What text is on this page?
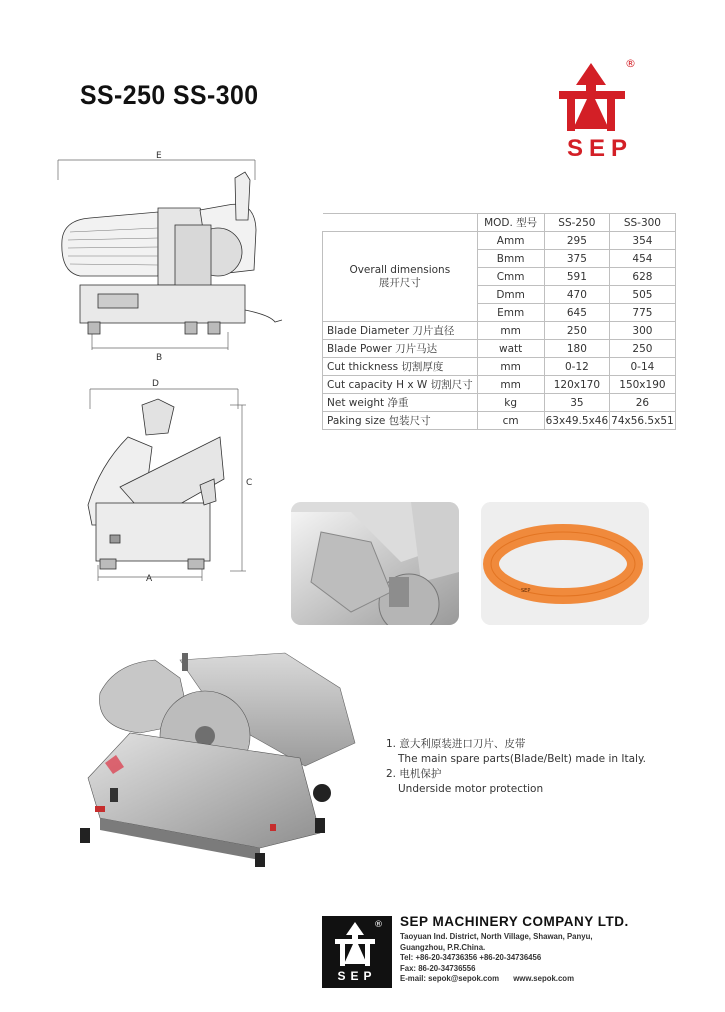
SS-250 SS-300
®
SEP
E
B
D
C
A
	MOD. 型号	SS-250	SS-300

Overall dimensions
展开尺寸	Amm	295	354
	Bmm	375	454
	Cmm	591	628
	Dmm	470	505
	Emm	645	775
Blade Diameter 刀片直径	mm	250	300
Blade Power 刀片马达	watt	180	250
Cut thickness 切割厚度	mm	0-12	0-14
Cut capacity H x W 切割尺寸	mm	120x170	150x190
Net weight 净重	kg	35	26
Paking size 包装尺寸	cm	63x49.5x46	74x56.5x51
SEP
1. 意大利原装进口刀片、皮带
The main spare parts(Blade/Belt) made in Italy.
2. 电机保护
Underside motor protection
®
SEP
SEP MACHINERY COMPANY LTD.
Taoyuan Ind. District, North Village, Shawan, Panyu,
Guangzhou, P.R.China.
Tel: +86-20-34736356 +86-20-34736456
Fax: 86-20-34736556
E-mail: sepok@sepok.com www.sepok.com
